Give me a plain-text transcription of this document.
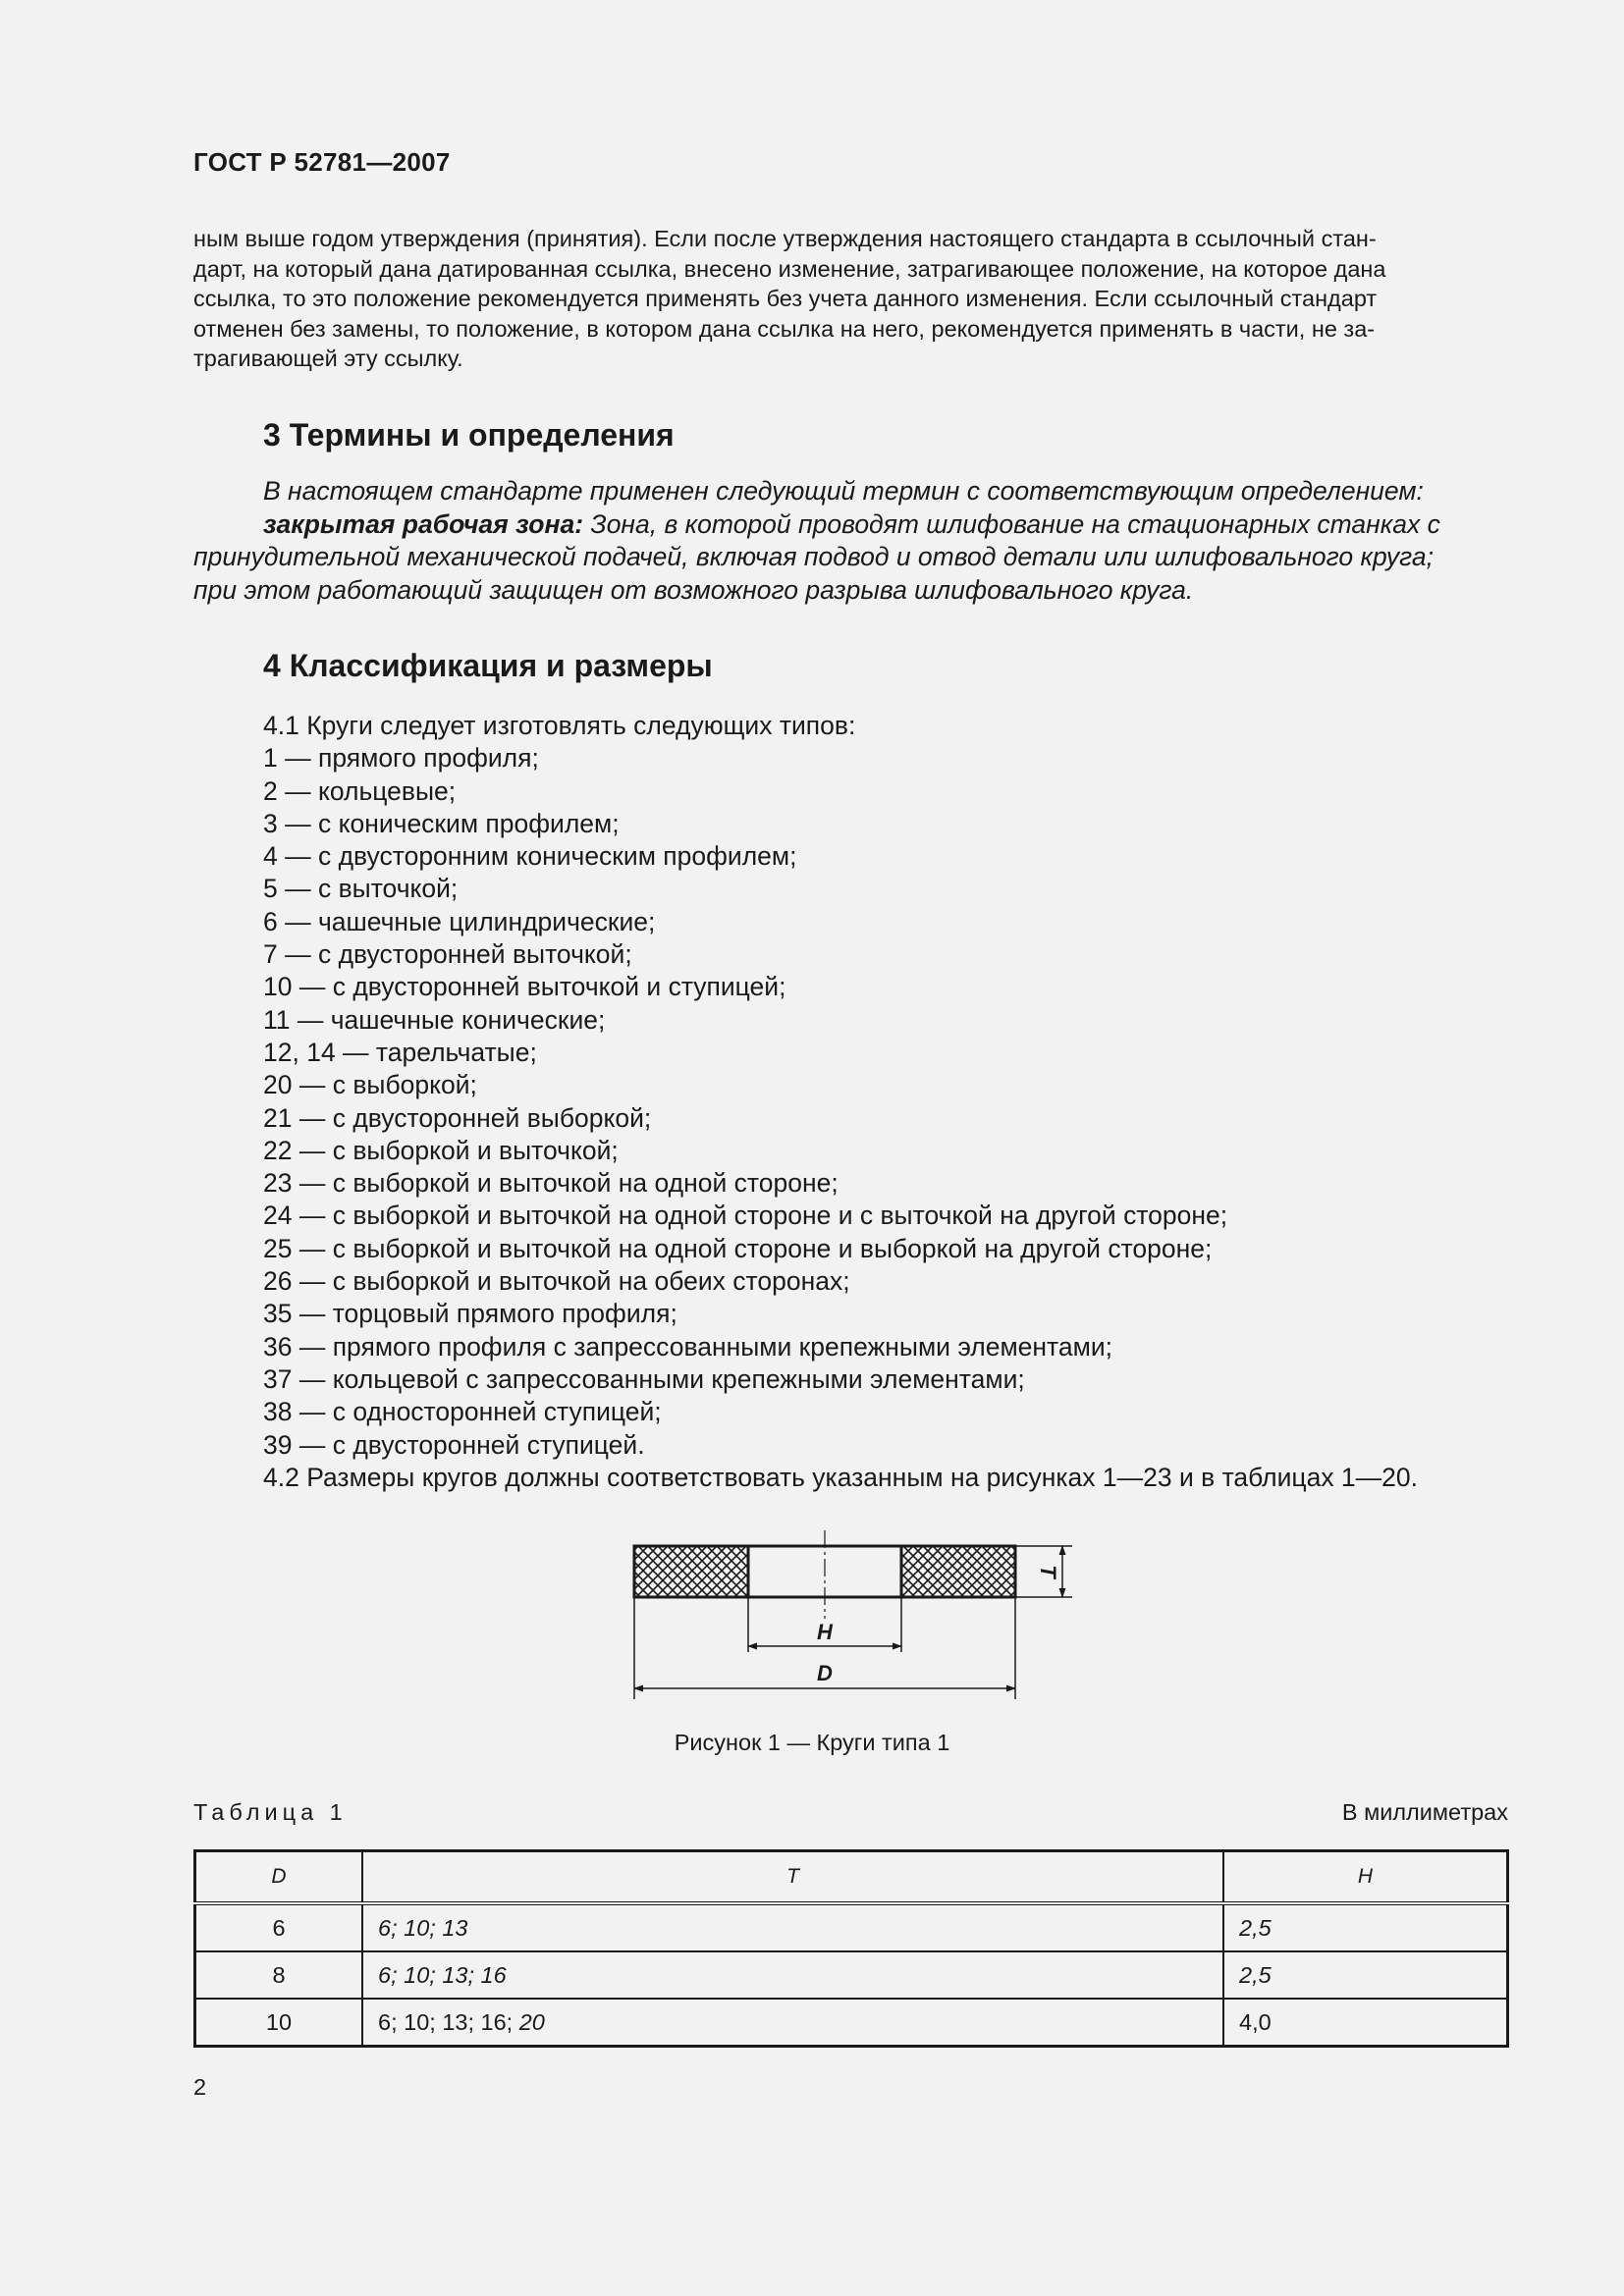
ГОСТ Р 52781—2007
ным выше годом утверждения (принятия). Если после утверждения настоящего стандарта в ссылочный стан-
дарт, на который дана датированная ссылка, внесено изменение, затрагивающее положение, на которое дана
ссылка, то это положение рекомендуется применять без учета данного изменения. Если ссылочный стандарт
отменен без замены, то положение, в котором дана ссылка на него, рекомендуется применять в части, не за-
трагивающей эту ссылку.
3 Термины и определения
В настоящем стандарте применен следующий термин с соответствующим определением:
закрытая рабочая зона: Зона, в которой проводят шлифование на стационарных станках с
принудительной механической подачей, включая подвод и отвод детали или шлифовального круга;
при этом работающий защищен от возможного разрыва шлифовального круга.
4 Классификация и размеры
4.1 Круги следует изготовлять следующих типов:
1 — прямого профиля;
2 — кольцевые;
3 — с коническим профилем;
4 — с двусторонним коническим профилем;
5 — с выточкой;
6 — чашечные цилиндрические;
7 — с двусторонней выточкой;
10 — с двусторонней выточкой и ступицей;
11 — чашечные конические;
12, 14 — тарельчатые;
20 — с выборкой;
21 — с двусторонней выборкой;
22 — с выборкой и выточкой;
23 — с выборкой и выточкой на одной стороне;
24 — с выборкой и выточкой на одной стороне и с выточкой на другой стороне;
25 — с выборкой и выточкой на одной стороне и выборкой на другой стороне;
26 — с выборкой и выточкой на обеих сторонах;
35 — торцовый прямого профиля;
36 — прямого профиля с запрессованными крепежными элементами;
37 — кольцевой с запрессованными крепежными элементами;
38 — с односторонней ступицей;
39 — с двусторонней ступицей.
4.2 Размеры кругов должны соответствовать указанным на рисунках 1—23 и в таблицах 1—20.
T
H
D
Рисунок 1 — Круги типа 1
Таблица 1	В миллиметрах
D	T	H
6	6; 10; 13	2,5
8	6; 10; 13; 16	2,5
10	6; 10; 13; 16; 20	4,0
2
